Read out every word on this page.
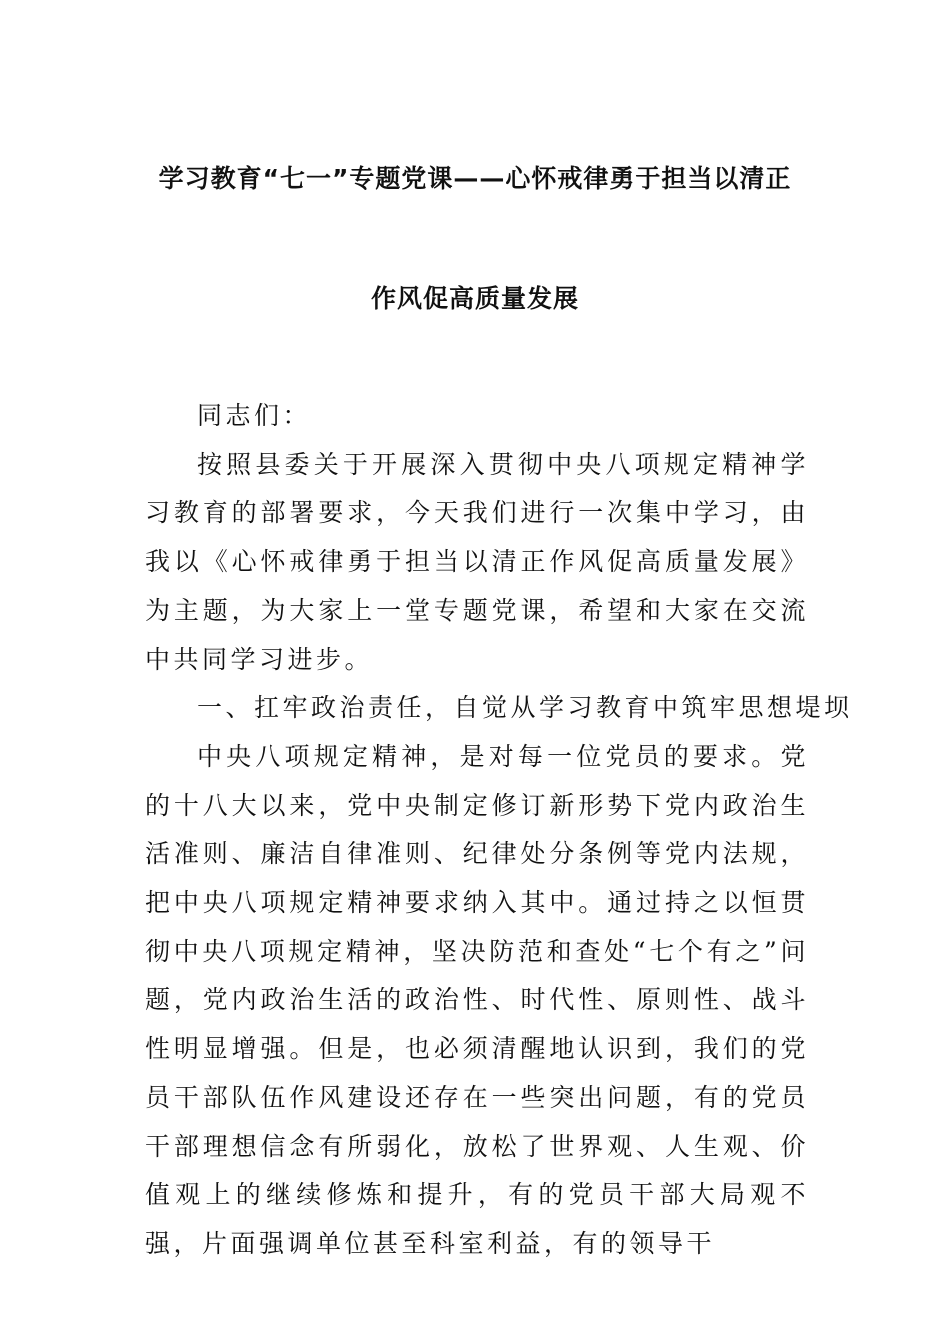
学习教育“七一”专题党课——心怀戒律勇于担当以清正
作风促高质量发展

同志们：

按照县委关于开展深入贯彻中央八项规定精神学习教育的部署要求，今天我们进行一次集中学习，由我以《心怀戒律勇于担当以清正作风促高质量发展》为主题，为大家上一堂专题党课，希望和大家在交流中共同学习进步。

一、扛牢政治责任，自觉从学习教育中筑牢思想堤坝

中央八项规定精神，是对每一位党员的要求。党的十八大以来，党中央制定修订新形势下党内政治生活准则、廉洁自律准则、纪律处分条例等党内法规，把中央八项规定精神要求纳入其中。通过持之以恒贯彻中央八项规定精神，坚决防范和查处“七个有之”问题，党内政治生活的政治性、时代性、原则性、战斗性明显增强。但是，也必须清醒地认识到，我们的党员干部队伍作风建设还存在一些突出问题，有的党员干部理想信念有所弱化，放松了世界观、人生观、价值观上的继续修炼和提升，有的党员干部大局观不强，片面强调单位甚至科室利益，有的领导干
